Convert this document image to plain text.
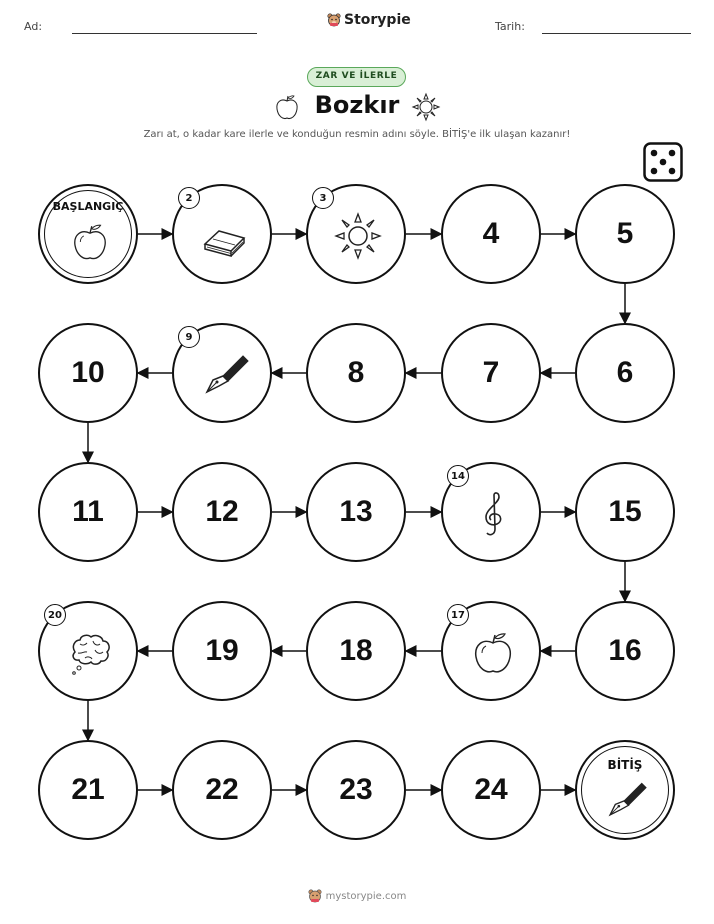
Ad:	Storypie	Tarih:
ZAR VE İLERLE
Bozkır
Zarı at, o kadar kare ilerle ve konduğun resmin adını söyle. BİTİŞ'e ilk ulaşan kazanır!
BAŞLANGIÇ
2	3
4	5
6
7
8
9
10
11	12	13
14
15
16
17
18
19
20
21	22	23	24
BİTİŞ
mystorypie.com
